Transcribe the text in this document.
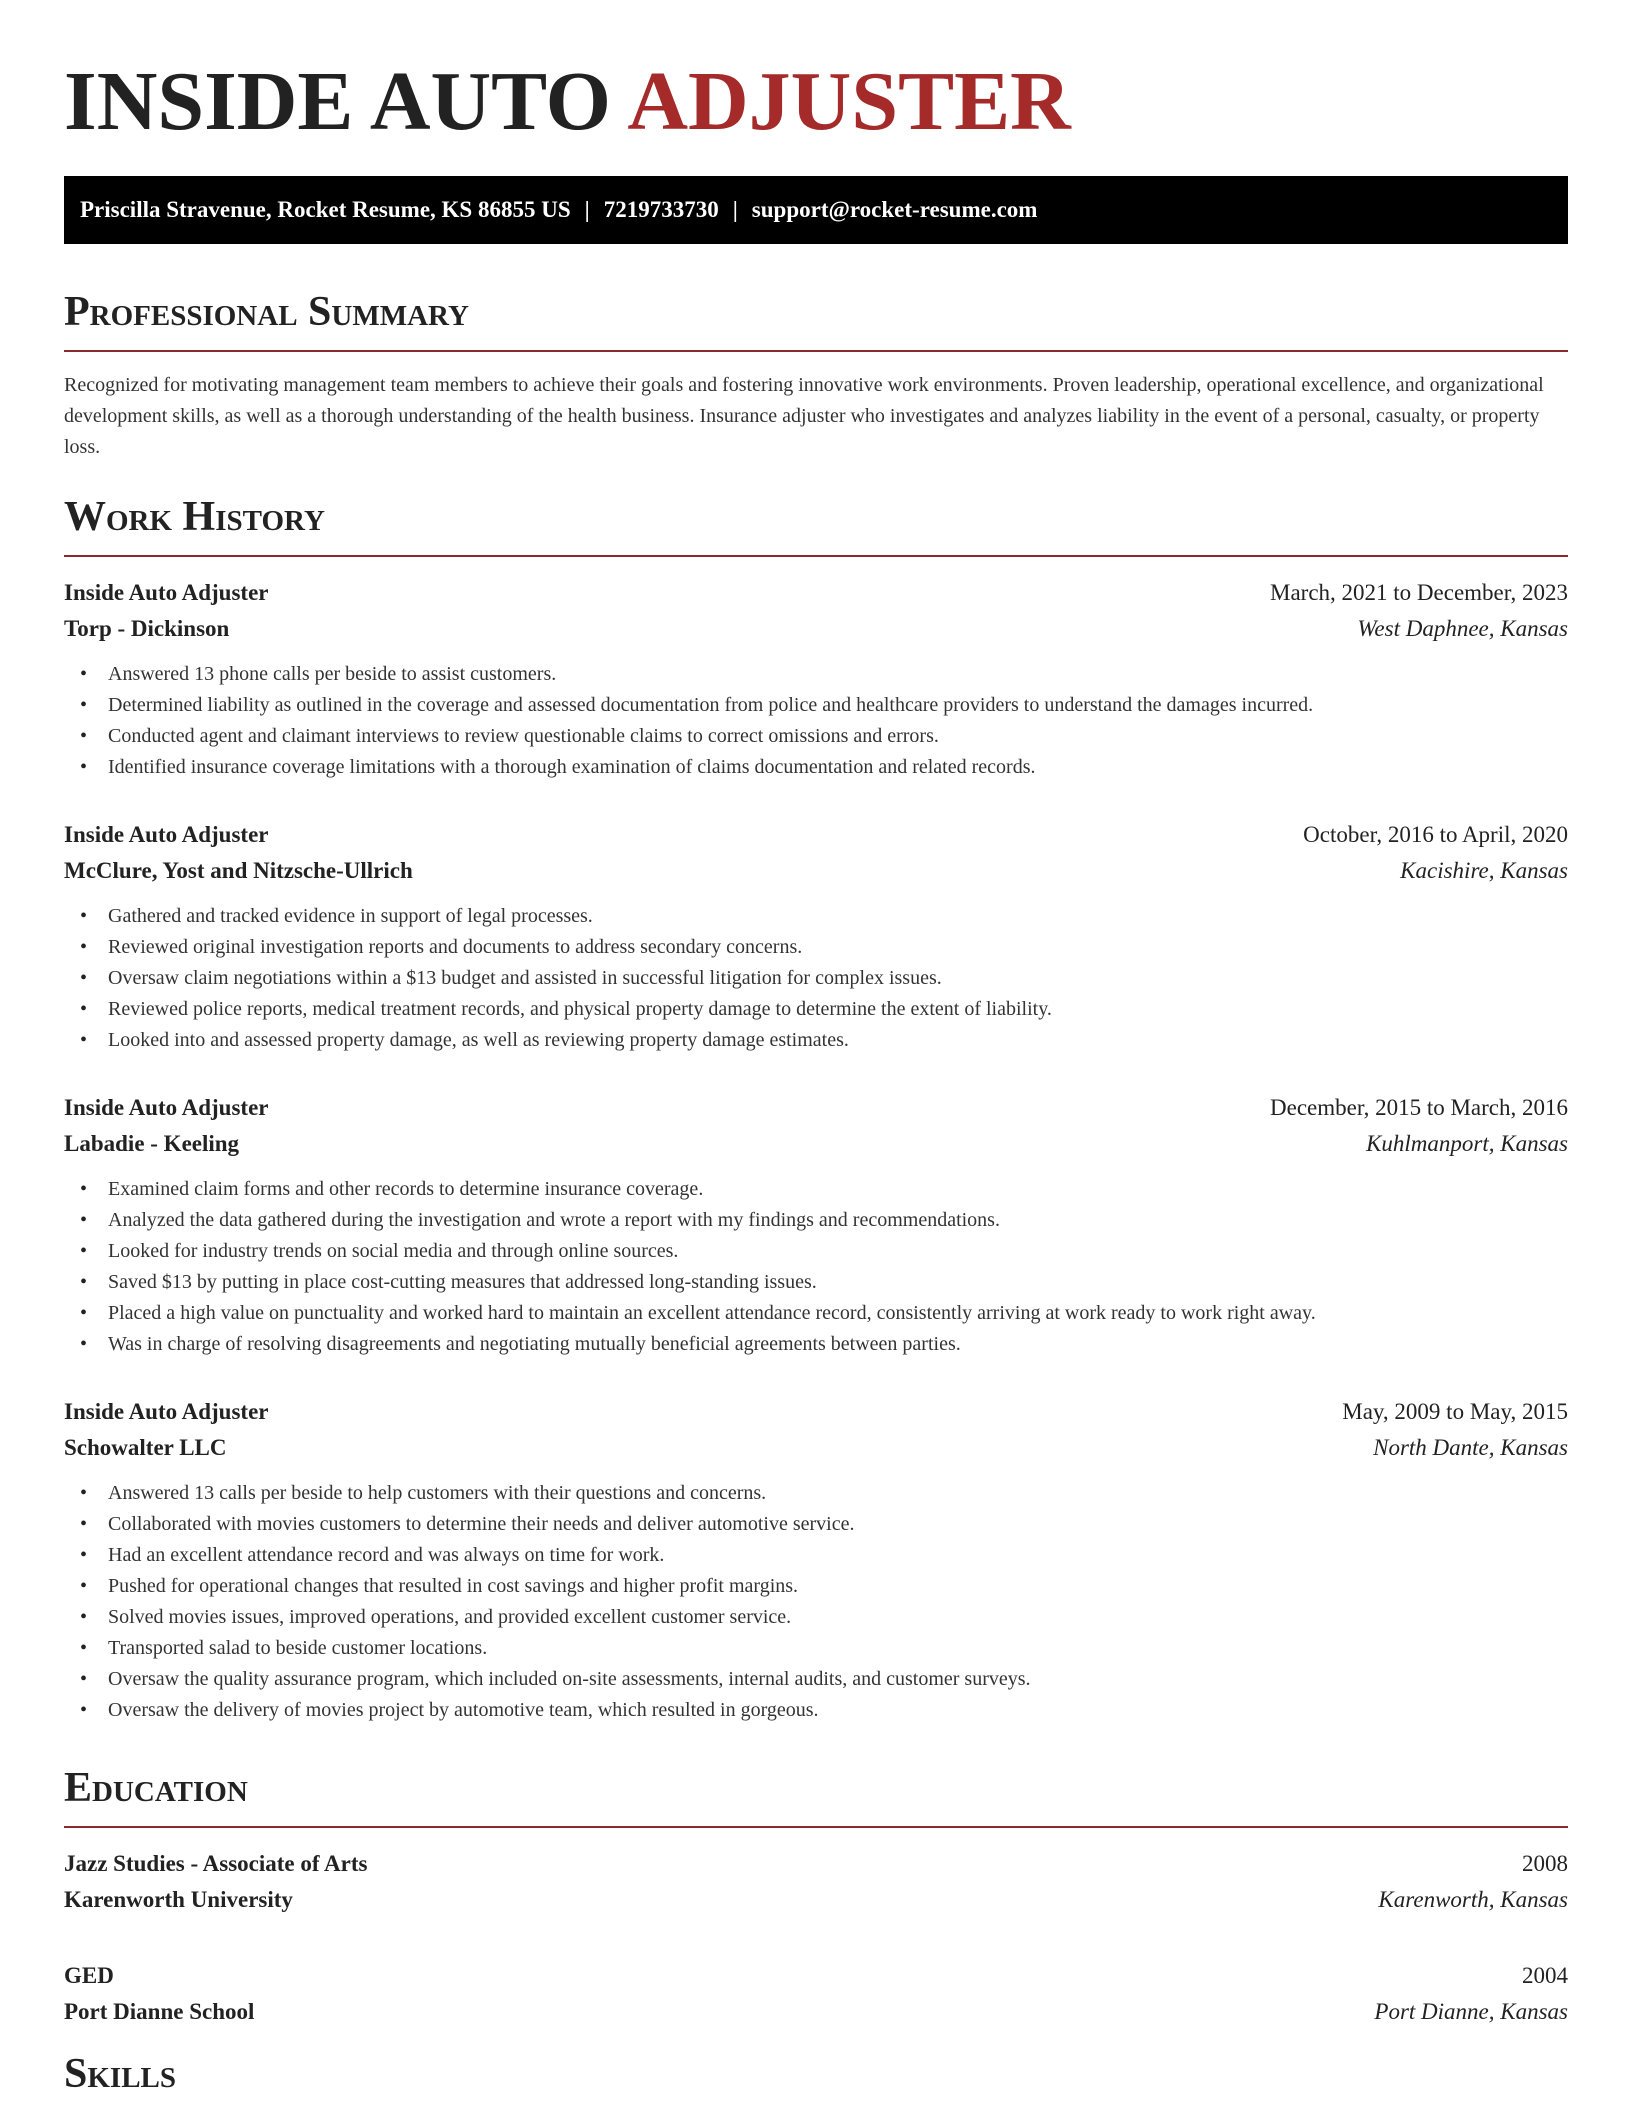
INSIDE AUTO ADJUSTER
Priscilla Stravenue, Rocket Resume, KS 86855 US | 7219733730 | support@rocket-resume.com
Professional Summary

Recognized for motivating management team members to achieve their goals and fostering innovative work environments. Proven leadership, operational excellence, and organizational development skills, as well as a thorough understanding of the health business. Insurance adjuster who investigates and analyzes liability in the event of a personal, casualty, or property loss.

Work History
Inside Auto Adjuster	March, 2021 to December, 2023
Torp - Dickinson	West Daphnee, Kansas
• Answered 13 phone calls per beside to assist customers.
• Determined liability as outlined in the coverage and assessed documentation from police and healthcare providers to understand the damages incurred.
• Conducted agent and claimant interviews to review questionable claims to correct omissions and errors.
• Identified insurance coverage limitations with a thorough examination of claims documentation and related records.
Inside Auto Adjuster	October, 2016 to April, 2020
McClure, Yost and Nitzsche-Ullrich	Kacishire, Kansas
• Gathered and tracked evidence in support of legal processes.
• Reviewed original investigation reports and documents to address secondary concerns.
• Oversaw claim negotiations within a $13 budget and assisted in successful litigation for complex issues.
• Reviewed police reports, medical treatment records, and physical property damage to determine the extent of liability.
• Looked into and assessed property damage, as well as reviewing property damage estimates.
Inside Auto Adjuster	December, 2015 to March, 2016
Labadie - Keeling	Kuhlmanport, Kansas
• Examined claim forms and other records to determine insurance coverage.
• Analyzed the data gathered during the investigation and wrote a report with my findings and recommendations.
• Looked for industry trends on social media and through online sources.
• Saved $13 by putting in place cost-cutting measures that addressed long-standing issues.
• Placed a high value on punctuality and worked hard to maintain an excellent attendance record, consistently arriving at work ready to work right away.
• Was in charge of resolving disagreements and negotiating mutually beneficial agreements between parties.
Inside Auto Adjuster	May, 2009 to May, 2015
Schowalter LLC	North Dante, Kansas
• Answered 13 calls per beside to help customers with their questions and concerns.
• Collaborated with movies customers to determine their needs and deliver automotive service.
• Had an excellent attendance record and was always on time for work.
• Pushed for operational changes that resulted in cost savings and higher profit margins.
• Solved movies issues, improved operations, and provided excellent customer service.
• Transported salad to beside customer locations.
• Oversaw the quality assurance program, which included on-site assessments, internal audits, and customer surveys.
• Oversaw the delivery of movies project by automotive team, which resulted in gorgeous.
Education
Jazz Studies - Associate of Arts	2008
Karenworth University	Karenworth, Kansas
GED	2004
Port Dianne School	Port Dianne, Kansas
Skills
